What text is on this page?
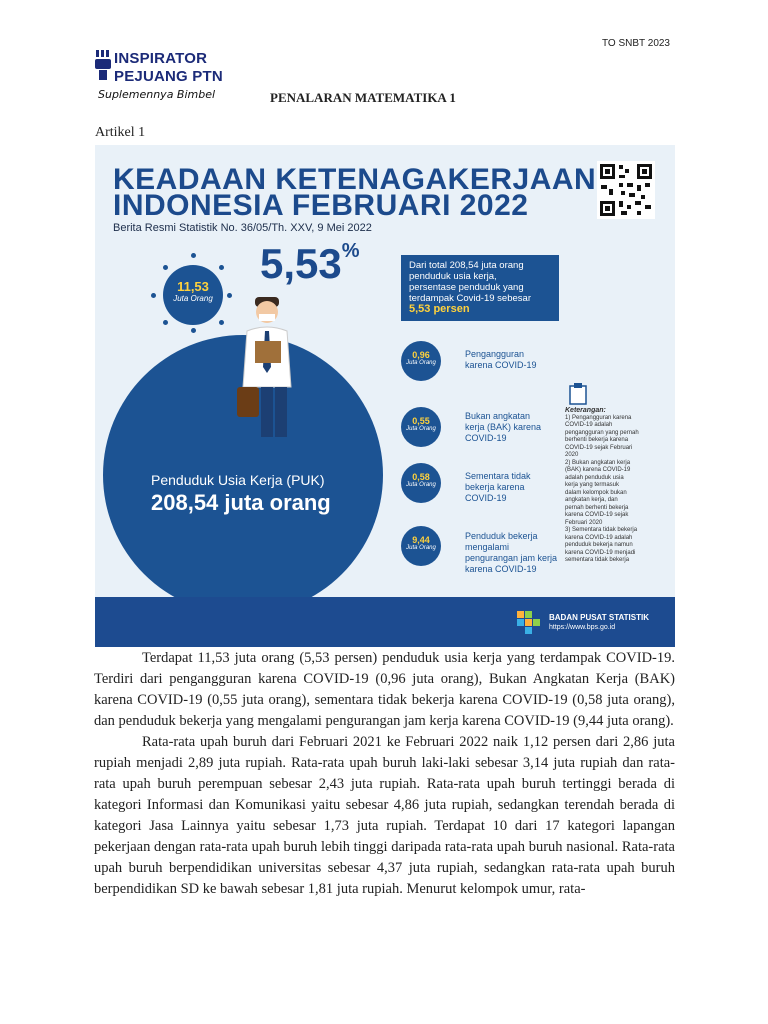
INSPIRATOR
PEJUANG PTN
Suplemennya Bimbel
TO SNBT 2023
PENALARAN MATEMATIKA 1
Artikel 1
KEADAAN KETENAGAKERJAAN
INDONESIA FEBRUARI 2022
Berita Resmi Statistik No. 36/05/Th. XXV, 9 Mei 2022
11,53
Juta Orang
5,53%
Dari total 208,54 juta orang
penduduk usia kerja,
persentase penduduk yang
terdampak Covid-19 sebesar
5,53 persen
Penduduk Usia Kerja (PUK)
208,54 juta orang
0,96
Juta Orang
Pengangguran
karena COVID-19
0,55
Juta Orang
Bukan angkatan
kerja (BAK) karena
COVID-19
0,58
Juta Orang
Sementara tidak
bekerja karena
COVID-19
9,44
Juta Orang
Penduduk bekerja
mengalami
pengurangan jam kerja
karena COVID-19
Keterangan:
1) Pengangguran karena
COVID-19 adalah
pengangguran yang pernah
berhenti bekerja karena
COVID-19 sejak Februari
2020
2) Bukan angkatan kerja
(BAK) karena COVID-19
adalah penduduk usia
kerja yang termasuk
dalam kelompok bukan
angkatan kerja, dan
pernah berhenti bekerja
karena COVID-19 sejak
Februari 2020
3) Sementara tidak bekerja
karena COVID-19 adalah
penduduk bekerja namun
karena COVID-19 menjadi
sementara tidak bekerja
BADAN PUSAT STATISTIK
https://www.bps.go.id

Terdapat 11,53 juta orang (5,53 persen) penduduk usia kerja yang terdampak COVID-19. Terdiri dari pengangguran karena COVID-19 (0,96 juta orang), Bukan Angkatan Kerja (BAK) karena COVID-19 (0,55 juta orang), sementara tidak bekerja karena COVID-19 (0,58 juta orang), dan penduduk bekerja yang mengalami pengurangan jam kerja karena COVID-19 (9,44 juta orang).

Rata-rata upah buruh dari Februari 2021 ke Februari 2022 naik 1,12 persen dari 2,86 juta rupiah menjadi 2,89 juta rupiah. Rata-rata upah buruh laki-laki sebesar 3,14 juta rupiah dan rata-rata upah buruh perempuan sebesar 2,43 juta rupiah. Rata-rata upah buruh tertinggi berada di kategori Informasi dan Komunikasi yaitu sebesar 4,86 juta rupiah, sedangkan terendah berada di kategori Jasa Lainnya yaitu sebesar 1,73 juta rupiah. Terdapat 10 dari 17 kategori lapangan pekerjaan dengan rata-rata upah buruh lebih tinggi daripada rata-rata upah buruh nasional. Rata-rata upah buruh berpendidikan universitas sebesar 4,37 juta rupiah, sedangkan rata-rata upah buruh berpendidikan SD ke bawah sebesar 1,81 juta rupiah. Menurut kelompok umur, rata-
